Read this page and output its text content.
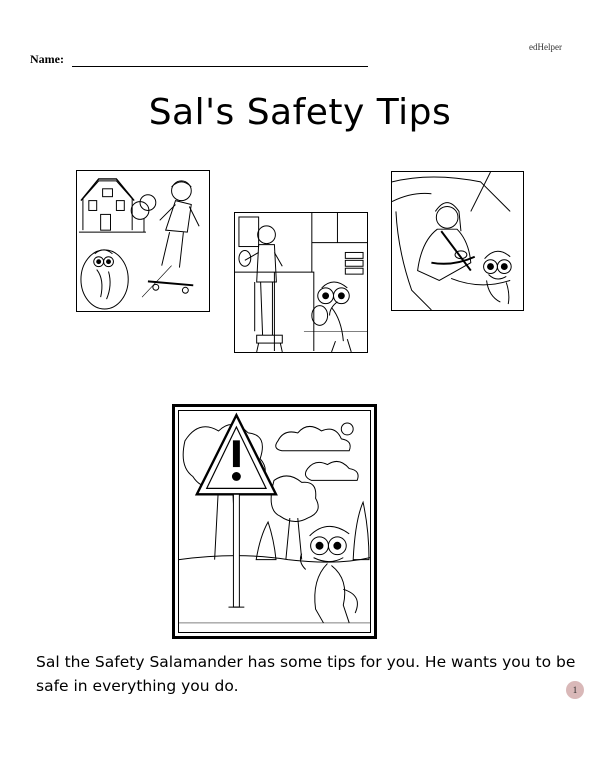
edHelper
Name:
Sal's Safety Tips
Sal the Safety Salamander has some tips for you. He wants you to be safe in everything you do.	1
